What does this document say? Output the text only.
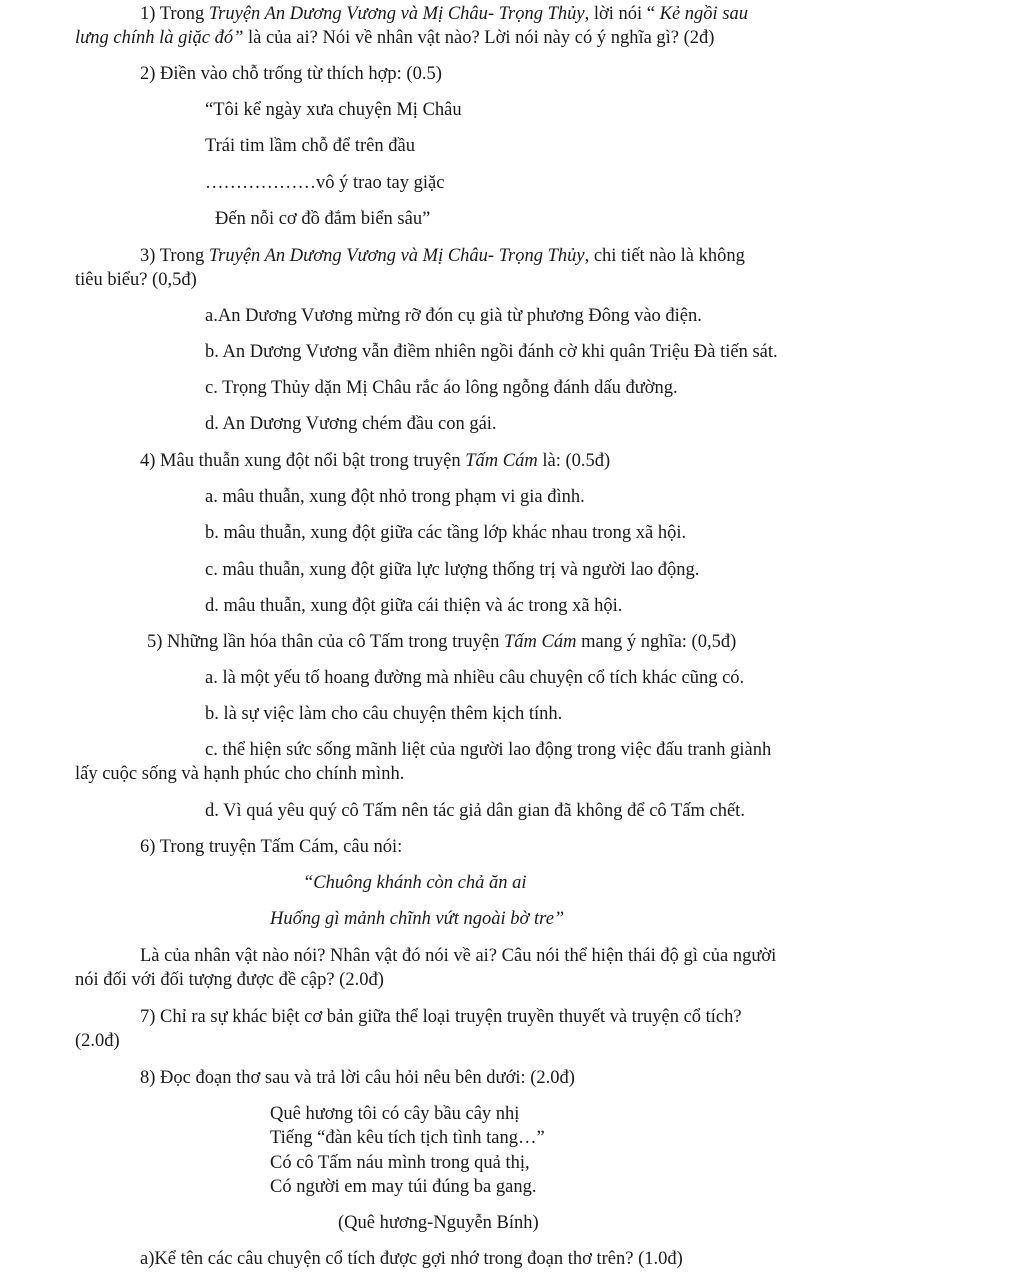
1) Trong Truyện An Dương Vương và Mị Châu- Trọng Thủy, lời nói “ Kẻ ngồi sau
lưng chính là giặc đó” là của ai? Nói về nhân vật nào? Lời nói này có ý nghĩa gì? (2đ)
2) Điền vào chỗ trống từ thích hợp: (0.5)
“Tôi kể ngày xưa chuyện Mị Châu
Trái tim lầm chỗ để trên đầu
………………vô ý trao tay giặc
Đến nỗi cơ đồ đắm biển sâu”
3) Trong Truyện An Dương Vương và Mị Châu- Trọng Thủy, chi tiết nào là không
tiêu biểu? (0,5đ)
a.An Dương Vương mừng rỡ đón cụ già từ phương Đông vào điện.
b. An Dương Vương vẫn điềm nhiên ngồi đánh cờ khi quân Triệu Đà tiến sát.
c. Trọng Thủy dặn Mị Châu rắc áo lông ngỗng đánh dấu đường.
d. An Dương Vương chém đầu con gái.
4) Mâu thuẫn xung đột nổi bật trong truyện Tấm Cám là: (0.5đ)
a. mâu thuẫn, xung đột nhỏ trong phạm vi gia đình.
b. mâu thuẫn, xung đột giữa các tầng lớp khác nhau trong xã hội.
c. mâu thuẫn, xung đột giữa lực lượng thống trị và người lao động.
d. mâu thuẫn, xung đột giữa cái thiện và ác trong xã hội.
5) Những lần hóa thân của cô Tấm trong truyện Tấm Cám mang ý nghĩa: (0,5đ)
a. là một yếu tố hoang đường mà nhiều câu chuyện cổ tích khác cũng có.
b. là sự việc làm cho câu chuyện thêm kịch tính.
c. thể hiện sức sống mãnh liệt của người lao động trong việc đấu tranh giành
lấy cuộc sống và hạnh phúc cho chính mình.
d. Vì quá yêu quý cô Tấm nên tác giả dân gian đã không để cô Tấm chết.
6) Trong truyện Tấm Cám, câu nói:
“Chuông khánh còn chả ăn ai
Huống gì mảnh chĩnh vứt ngoài bờ tre”
Là của nhân vật nào nói? Nhân vật đó nói về ai? Câu nói thể hiện thái độ gì của người
nói đối với đối tượng được đề cập? (2.0đ)
7) Chỉ ra sự khác biệt cơ bản giữa thể loại truyện truyền thuyết và truyện cổ tích?
(2.0đ)
8) Đọc đoạn thơ sau và trả lời câu hỏi nêu bên dưới: (2.0đ)
Quê hương tôi có cây bầu cây nhị
Tiếng “đàn kêu tích tịch tình tang…”
Có cô Tấm náu mình trong quả thị,
Có người em may túi đúng ba gang.
(Quê hương-Nguyễn Bính)
a)Kể tên các câu chuyện cổ tích được gợi nhớ trong đoạn thơ trên? (1.0đ)
